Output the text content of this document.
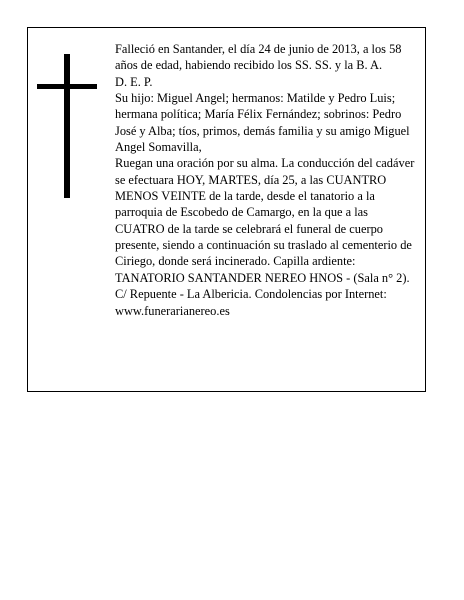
Falleció en Santander, el día 24 de junio de 2013, a los 58 años de edad, habiendo recibido los SS. SS. y la B. A.

D. E. P.

Su hijo: Miguel Angel; hermanos: Matilde y Pedro Luis; hermana política; María Félix Fernández; sobrinos: Pedro José y Alba; tíos, primos, demás familia y su amigo Miguel Angel Somavilla,

Ruegan una oración por su alma. La conducción del cadáver se efectuara HOY, MARTES, día 25, a las CUANTRO MENOS VEINTE de la tarde, desde el tanatorio a la parroquia de Escobedo de Camargo, en la que a las CUATRO de la tarde se celebrará el funeral de cuerpo presente, siendo a continuación su traslado al cementerio de Ciriego, donde será incinerado. Capilla ardiente: TANATORIO SANTANDER NEREO HNOS - (Sala n° 2). C/ Repuente - La Albericia. Condolencias por Internet: www.funerarianereo.es
